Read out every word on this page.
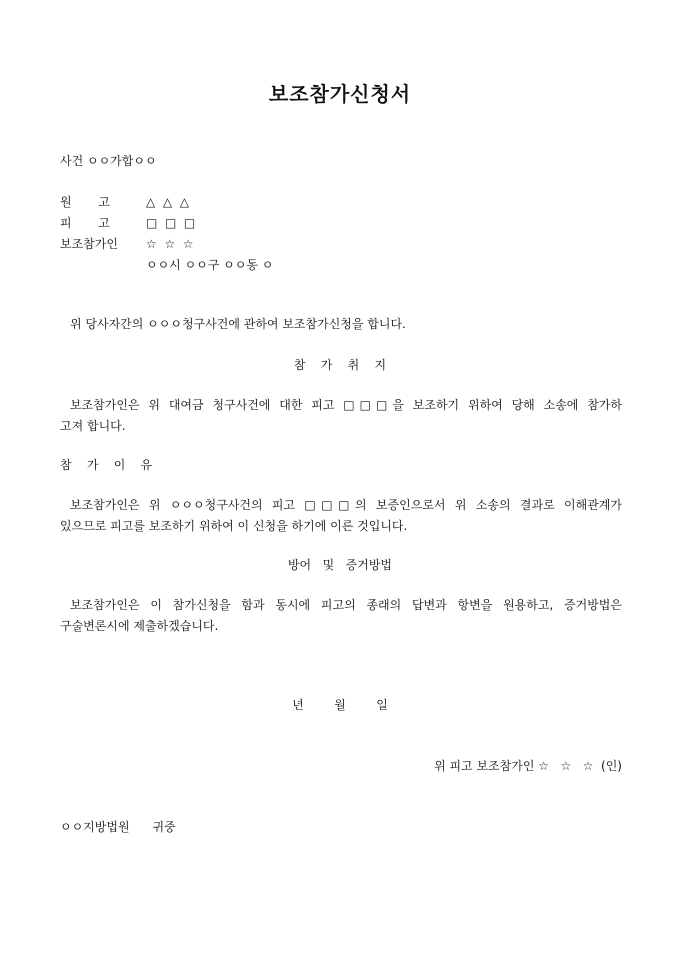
보조참가신청서
사건 ㅇㅇ가합ㅇㅇ
원       고	△  △  △
피       고	□  □  □
보조참가인 ☆  ☆  ☆
ㅇㅇ시 ㅇㅇ구 ㅇㅇ동 ㅇ
위 당사자간의 ㅇㅇㅇ청구사건에 관하여 보조참가신청을 합니다.
참    가    취    지
보조참가인은 위 대여금 청구사건에 대한 피고 □□□을 보조하기 위하여 당해 소송에 참가하
고져 합니다.
참    가    이    유
보조참가인은 위 ㅇㅇㅇ청구사건의 피고 □□□의 보증인으로서 위 소송의 결과로 이해관계가
있으므로 피고를 보조하기 위하여 이 신청을 하기에 이른 것입니다.
방어   및   증거방법
보조참가인은 이 참가신청을 함과 동시에 피고의 종래의 답변과 항변을 원용하고, 증거방법은
구술변론시에 제출하겠습니다.
년        월        일
위 피고 보조참가인 ☆   ☆   ☆  (인)
ㅇㅇ지방법원      귀중
